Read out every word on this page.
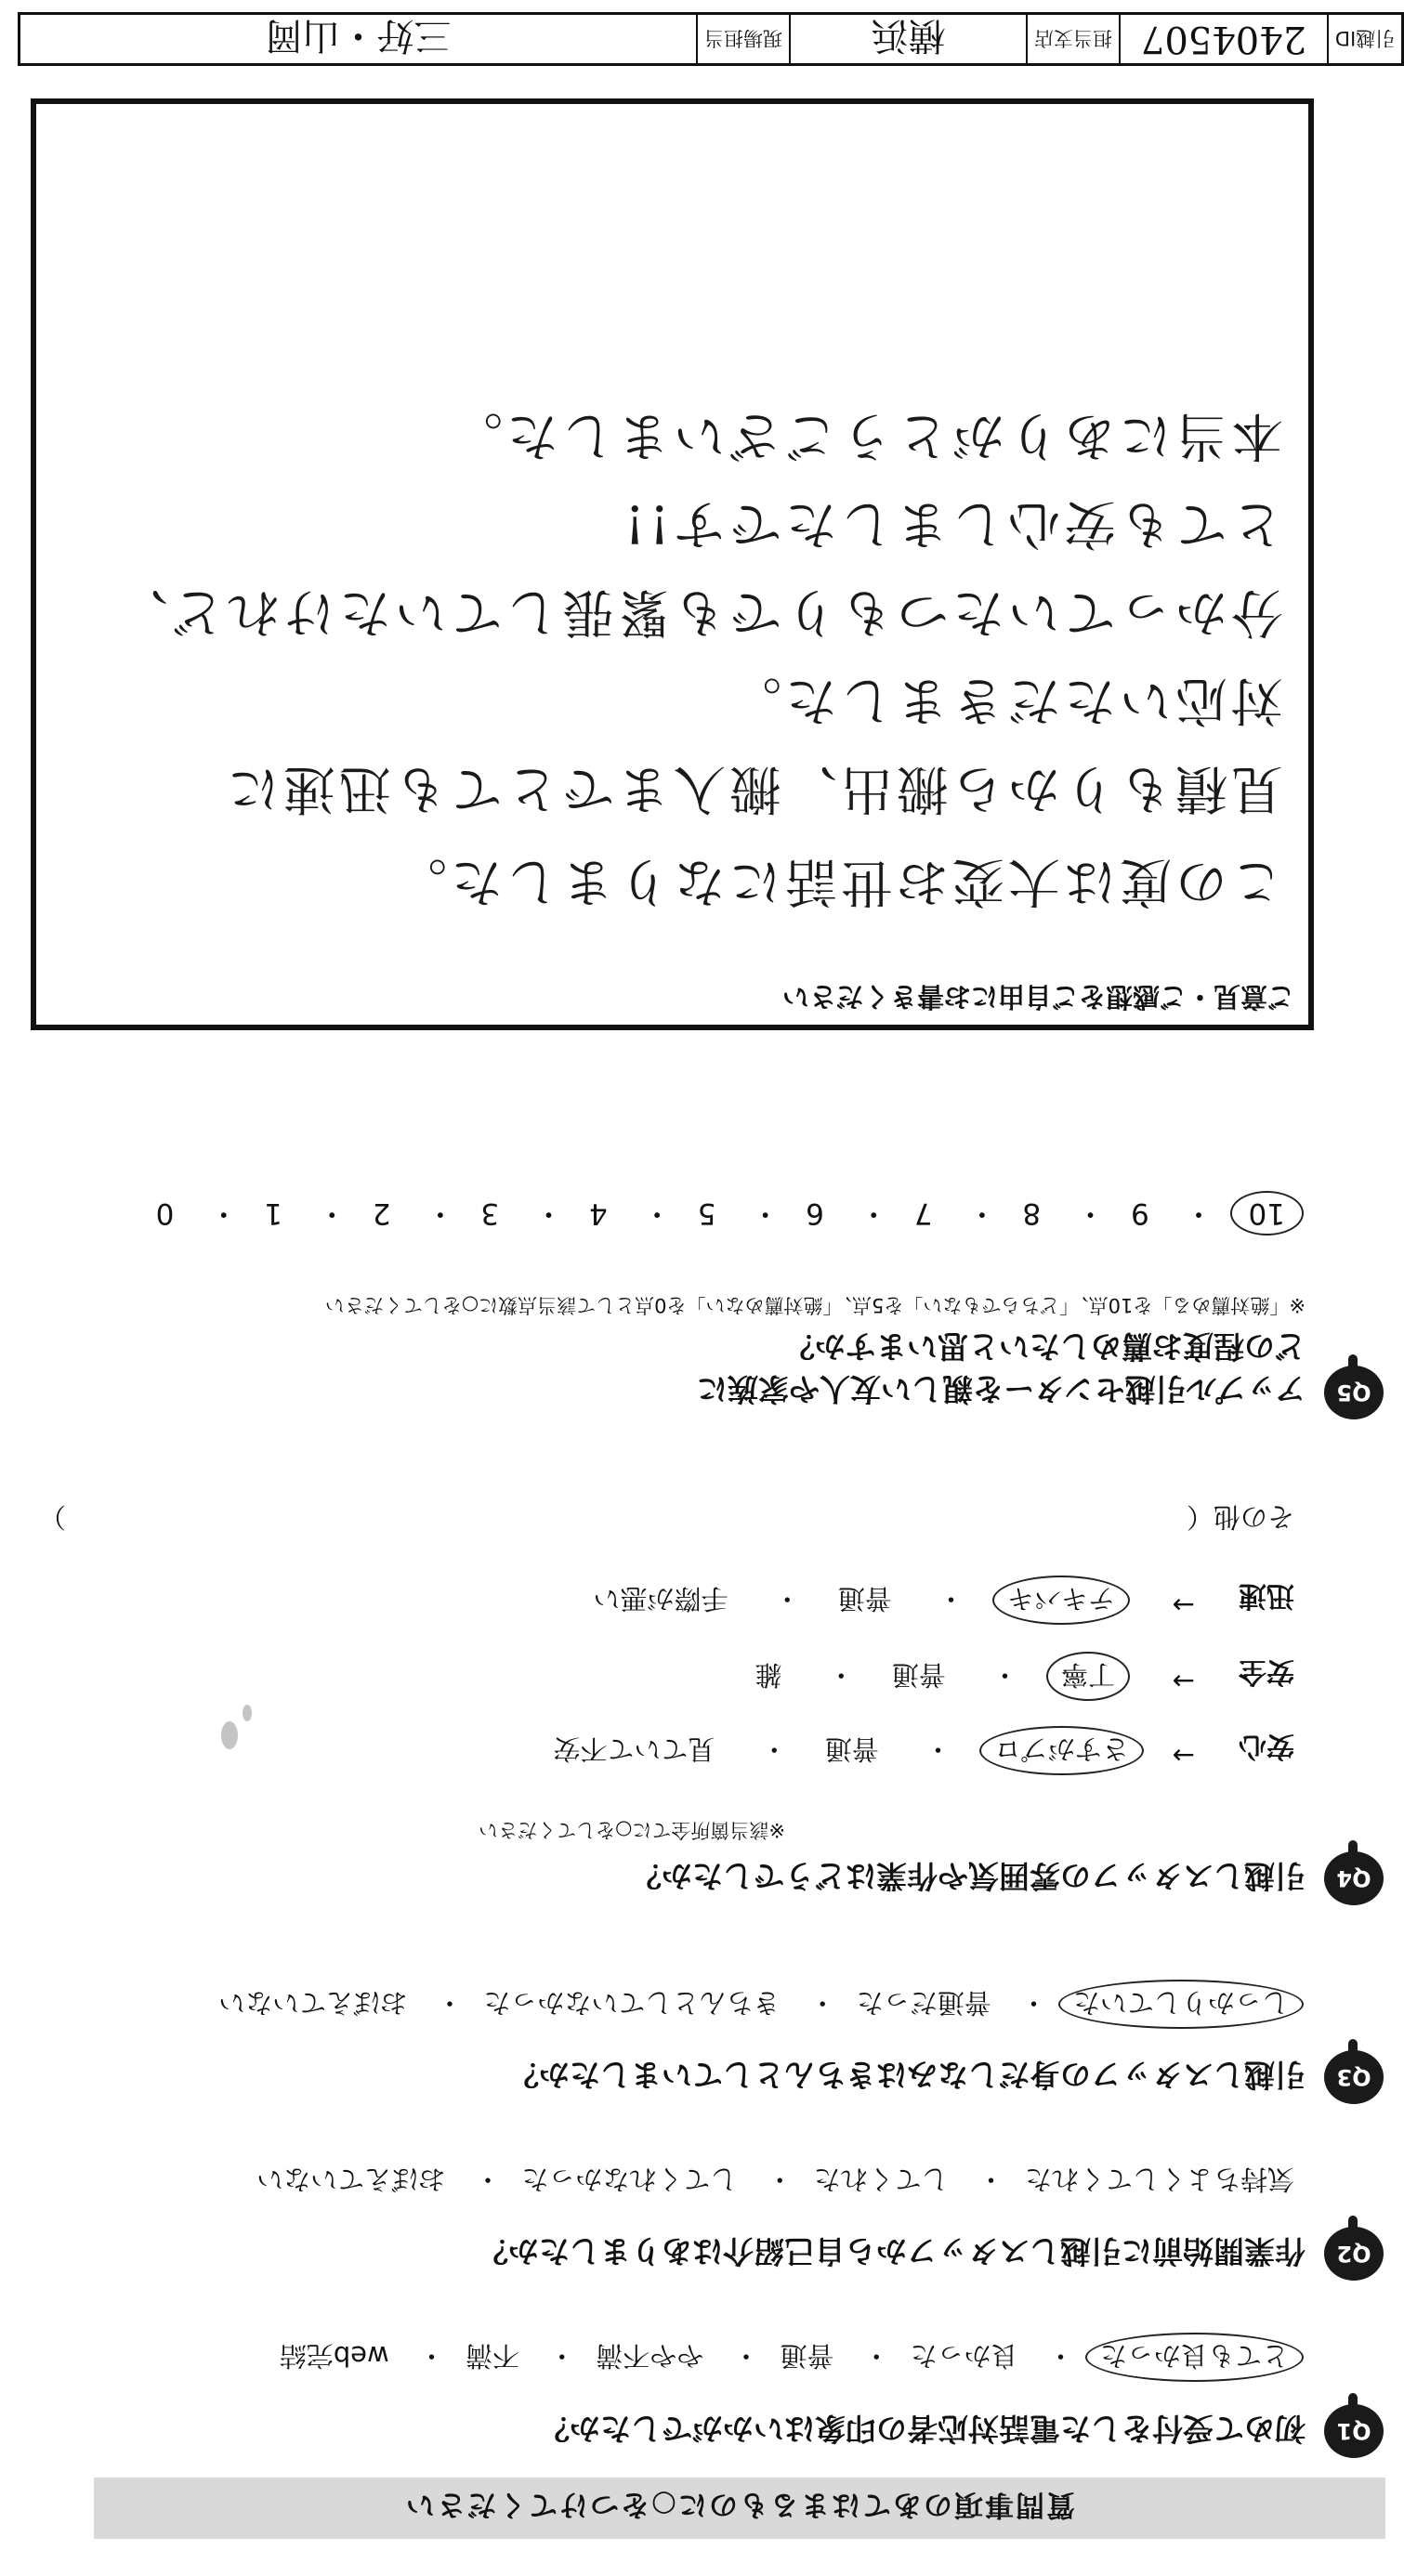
質問事項のあてはまるものに○をつけてください
Q1
初めて受付をした電話対応者の印象はいかがでしたか？
とても良かった・ 良かった・ 普通・ やや不満・ 不満・ web完結
Q2
作業開始前に引越しスタッフから自己紹介はありましたか？
気持ちよくしてくれた・ してくれた・ してくれなかった・ おぼえていない
Q3
引越しスタッフの身だしなみはきちんとしていましたか？
しっかりしていた・ 普通だった・ きちんとしていなかった・ おぼえていない
Q4
引越しスタッフの雰囲気や作業はどうでしたか？
※該当箇所全てに○をしてください
安心
→
さすがプロ・ 普通・ 見ていて不安
安全
→
丁寧・ 普通・ 雑
迅速
→
テキパキ・ 普通・ 手際が悪い
その他（
）
Q5
アップル引越センターを親しい友人や家族に
どの程度お薦めしたいと思いますか？
※「絶対薦める」を10点、「どちらでもない」を5点、「絶対薦めない」を0点として該当点数に○をしてください
10・ 9・ 8・ 7・ 6・ 5・ 4・ 3・ 2・ 1・ 0
ご意見・ご感想をご自由にお書きください
この度は大変お世話になりました。
見積もりから搬出、搬入までとても迅速に
対応いただきました。
分かっていたつもりでも緊張していたけれど、
とても安心しましたです!!
本当にありがとうございました。
引越ID
2404507
担当支店
横浜
現場担当
三好・山岡
